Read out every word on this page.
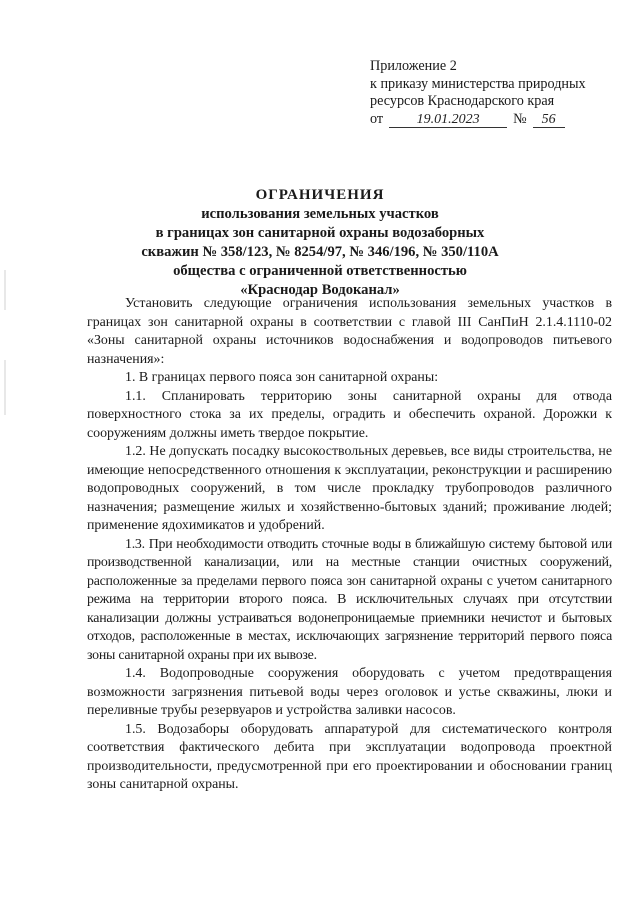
Приложение 2
к приказу министерства природных
ресурсов Краснодарского края
от	19.01.2023	№	56
ОГРАНИЧЕНИЯ
использования земельных участков
в границах зон санитарной охраны водозаборных
скважин № 358/123, № 8254/97, № 346/196, № 350/110А
общества с ограниченной ответственностью
«Краснодар Водоканал»

Установить следующие ограничения использования земельных участков в границах зон санитарной охраны в соответствии с главой III СанПиН 2.1.4.1110-02 «Зоны санитарной охраны источников водоснабжения и водопроводов питьевого назначения»:

1. В границах первого пояса зон санитарной охраны:

1.1. Спланировать территорию зоны санитарной охраны для отвода поверхностного стока за их пределы, оградить и обеспечить охраной. Дорожки к сооружениям должны иметь твердое покрытие.

1.2. Не допускать посадку высокоствольных деревьев, все виды строительства, не имеющие непосредственного отношения к эксплуатации, реконструкции и расширению водопроводных сооружений, в том числе прокладку трубопроводов различного назначения; размещение жилых и хозяйственно-бытовых зданий; проживание людей; применение ядохимикатов и удобрений.

1.3. При необходимости отводить сточные воды в ближайшую систему бытовой или производственной канализации, или на местные станции очистных сооружений, расположенные за пределами первого пояса зон санитарной охраны с учетом санитарного режима на территории второго пояса. В исключительных случаях при отсутствии канализации должны устраиваться водонепроницаемые приемники нечистот и бытовых отходов, расположенные в местах, исключающих загрязнение территорий первого пояса зоны санитарной охраны при их вывозе.

1.4. Водопроводные сооружения оборудовать с учетом предотвращения возможности загрязнения питьевой воды через оголовок и устье скважины, люки и переливные трубы резервуаров и устройства заливки насосов.

1.5. Водозаборы оборудовать аппаратурой для систематического контроля соответствия фактического дебита при эксплуатации водопровода проектной производительности, предусмотренной при его проектировании и обосновании границ зоны санитарной охраны.
